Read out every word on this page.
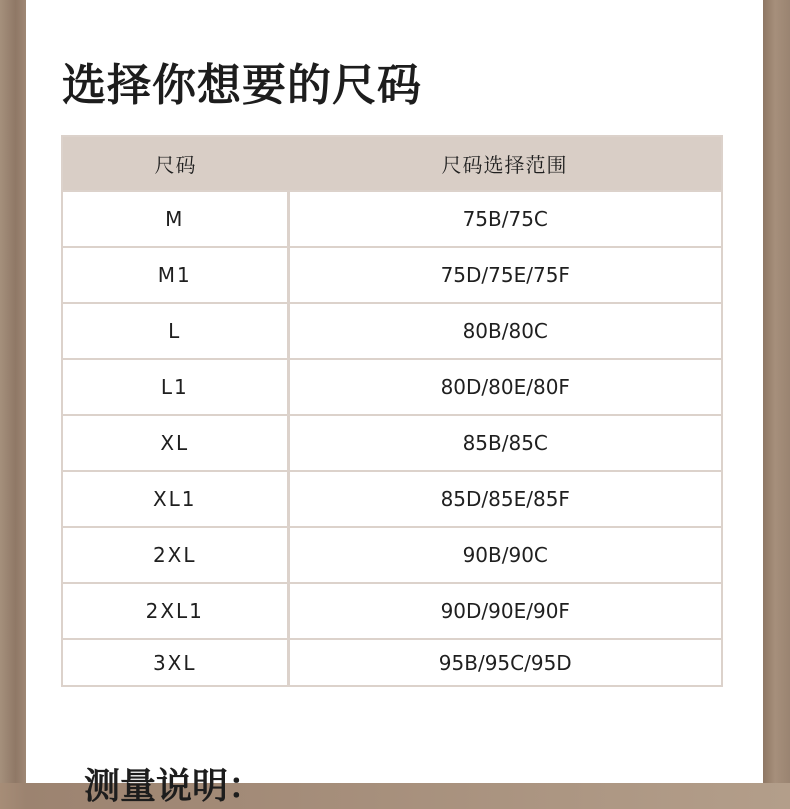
选择你想要的尺码
尺码	尺码选择范围
M	75B/75C
M1	75D/75E/75F
L	80B/80C
L1	80D/80E/80F
XL	85B/85C
XL1	85D/85E/85F
2XL	90B/90C
2XL1	90D/90E/90F
3XL	95B/95C/95D
测量说明：
